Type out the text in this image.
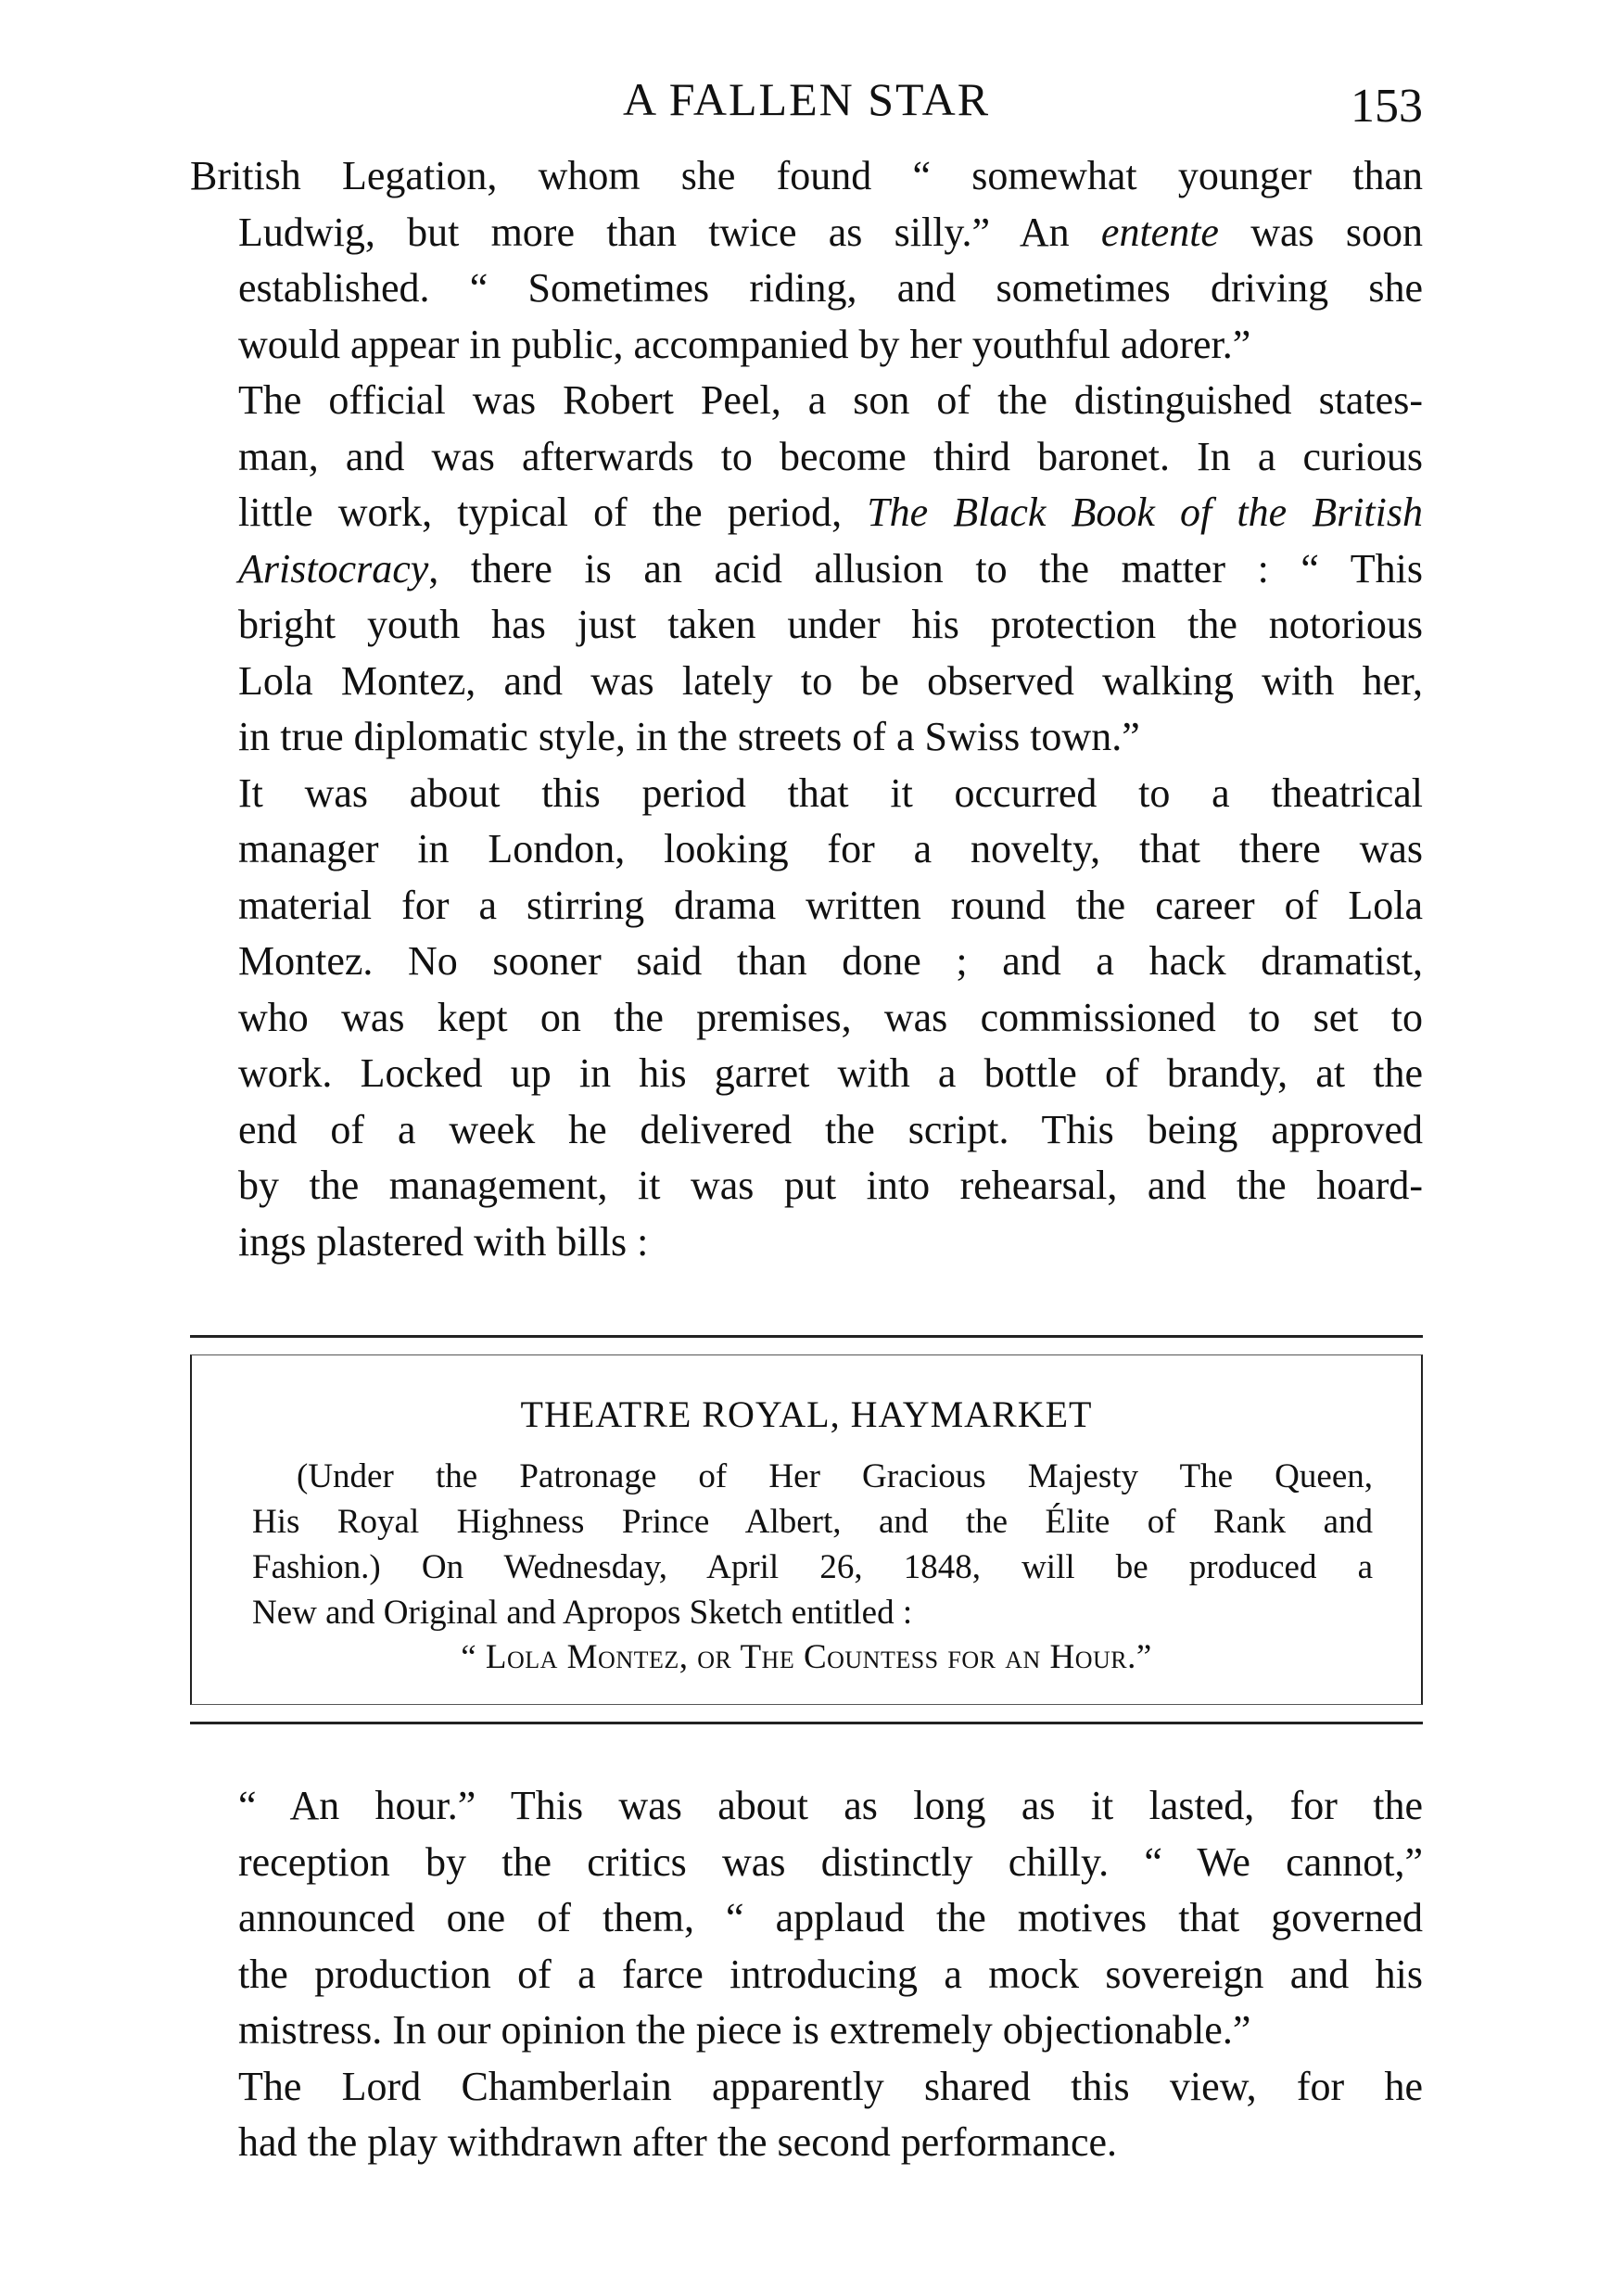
A FALLEN STAR	153

British Legation, whom she found “ somewhat younger than
Ludwig, but more than twice as silly.” An entente was soon
established. “ Sometimes riding, and sometimes driving she
would appear in public, accompanied by her youthful adorer.”

The official was Robert Peel, a son of the distinguished states-
man, and was afterwards to become third baronet. In a curious
little work, typical of the period, The Black Book of the British
Aristocracy, there is an acid allusion to the matter : “ This
bright youth has just taken under his protection the notorious
Lola Montez, and was lately to be observed walking with her,
in true diplomatic style, in the streets of a Swiss town.”

It was about this period that it occurred to a theatrical
manager in London, looking for a novelty, that there was
material for a stirring drama written round the career of Lola
Montez. No sooner said than done ; and a hack dramatist,
who was kept on the premises, was commissioned to set to
work. Locked up in his garret with a bottle of brandy, at the
end of a week he delivered the script. This being approved
by the management, it was put into rehearsal, and the hoard-
ings plastered with bills :

THEATRE ROYAL, HAYMARKET
(Under the Patronage of Her Gracious Majesty The Queen,
His Royal Highness Prince Albert, and the Élite of Rank and
Fashion.) On Wednesday, April 26, 1848, will be produced a
New and Original and Apropos Sketch entitled :
“ Lola Montez, or The Countess for an Hour.”

“ An hour.” This was about as long as it lasted, for the
reception by the critics was distinctly chilly. “ We cannot,”
announced one of them, “ applaud the motives that governed
the production of a farce introducing a mock sovereign and his
mistress. In our opinion the piece is extremely objectionable.”

The Lord Chamberlain apparently shared this view, for he
had the play withdrawn after the second performance.
